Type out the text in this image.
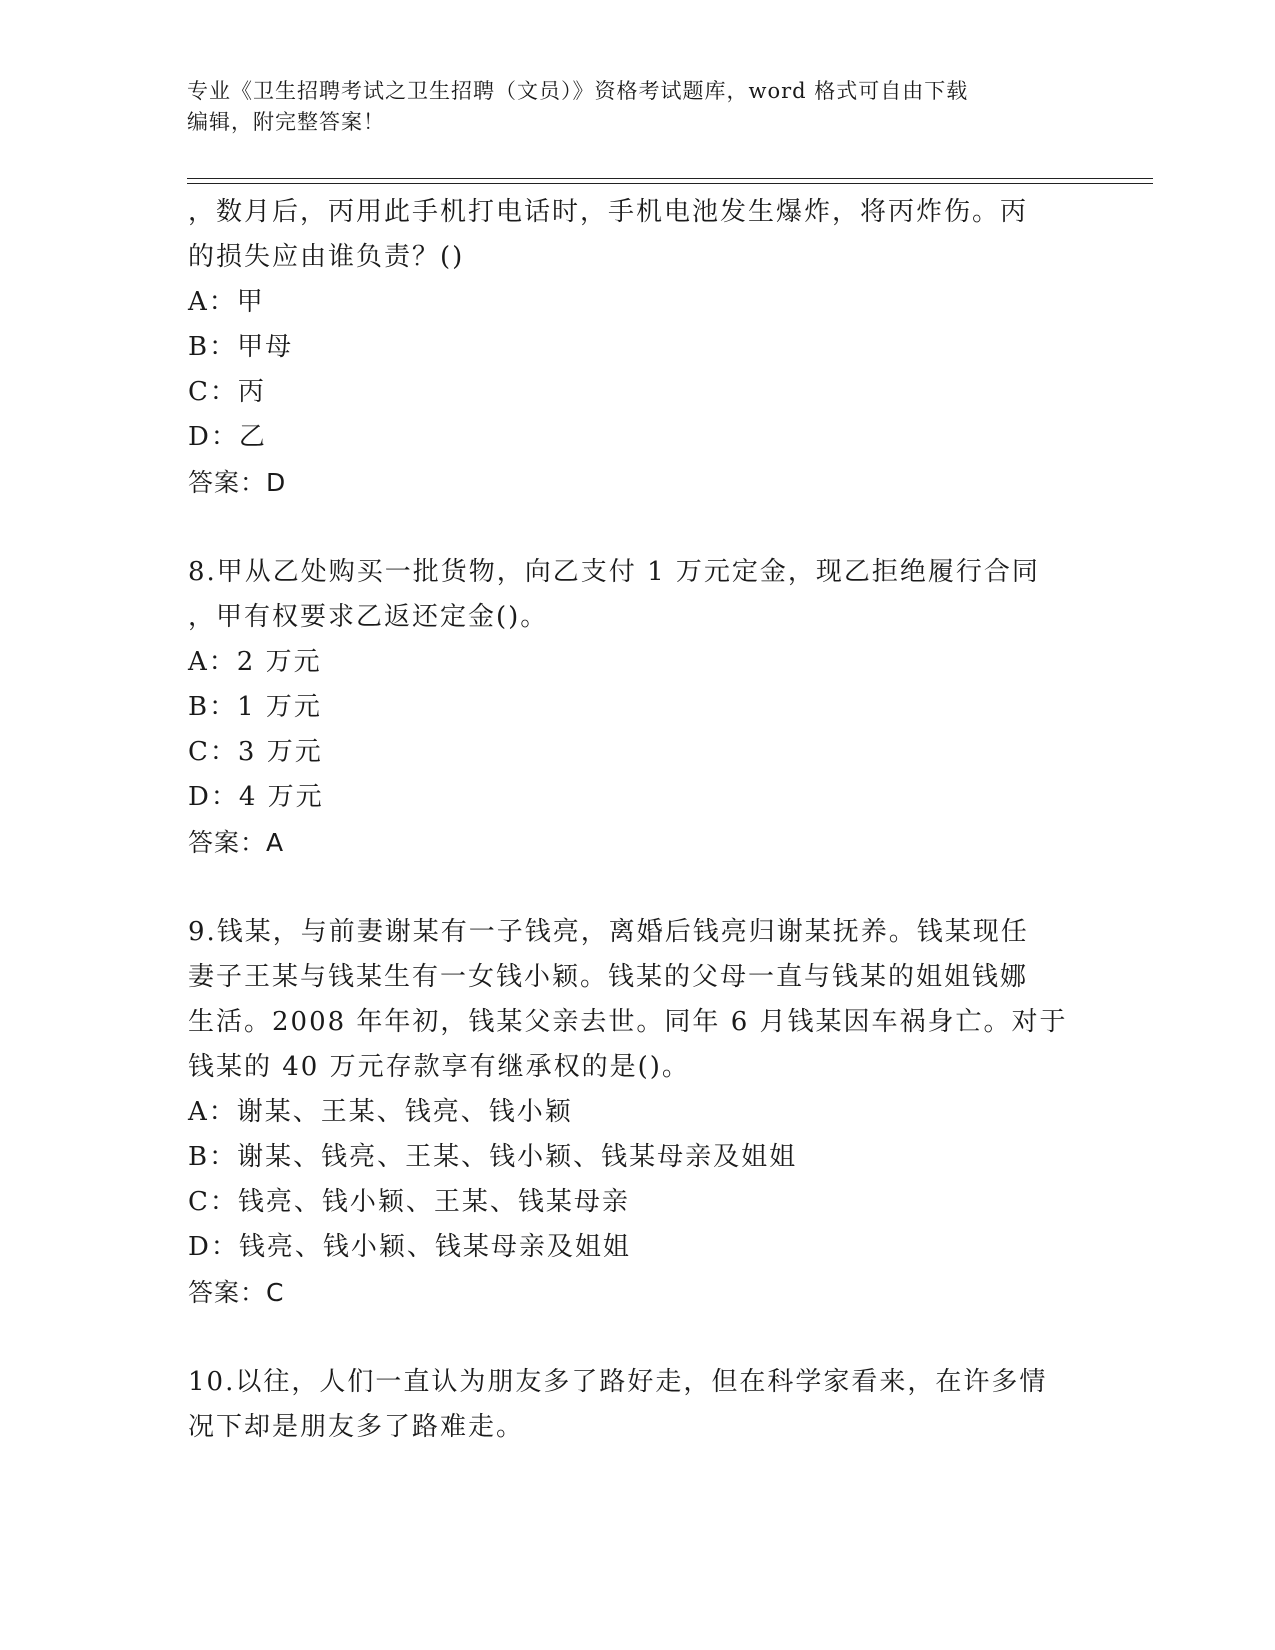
专业《卫生招聘考试之卫生招聘（文员）》资格考试题库，word 格式可自由下载
编辑，附完整答案！

，数月后，丙用此手机打电话时，手机电池发生爆炸，将丙炸伤。丙

的损失应由谁负责？()

A：甲

B：甲母

C：丙

D：乙

答案：D

8.甲从乙处购买一批货物，向乙支付 1 万元定金，现乙拒绝履行合同

，甲有权要求乙返还定金()。

A：2 万元

B：1 万元

C：3 万元

D：4 万元

答案：A

9.钱某，与前妻谢某有一子钱亮，离婚后钱亮归谢某抚养。钱某现任

妻子王某与钱某生有一女钱小颖。钱某的父母一直与钱某的姐姐钱娜

生活。2008 年年初，钱某父亲去世。同年 6 月钱某因车祸身亡。对于

钱某的 40 万元存款享有继承权的是()。

A：谢某、王某、钱亮、钱小颖

B：谢某、钱亮、王某、钱小颖、钱某母亲及姐姐

C：钱亮、钱小颖、王某、钱某母亲

D：钱亮、钱小颖、钱某母亲及姐姐

答案：C

10.以往，人们一直认为朋友多了路好走，但在科学家看来，在许多情

况下却是朋友多了路难走。
